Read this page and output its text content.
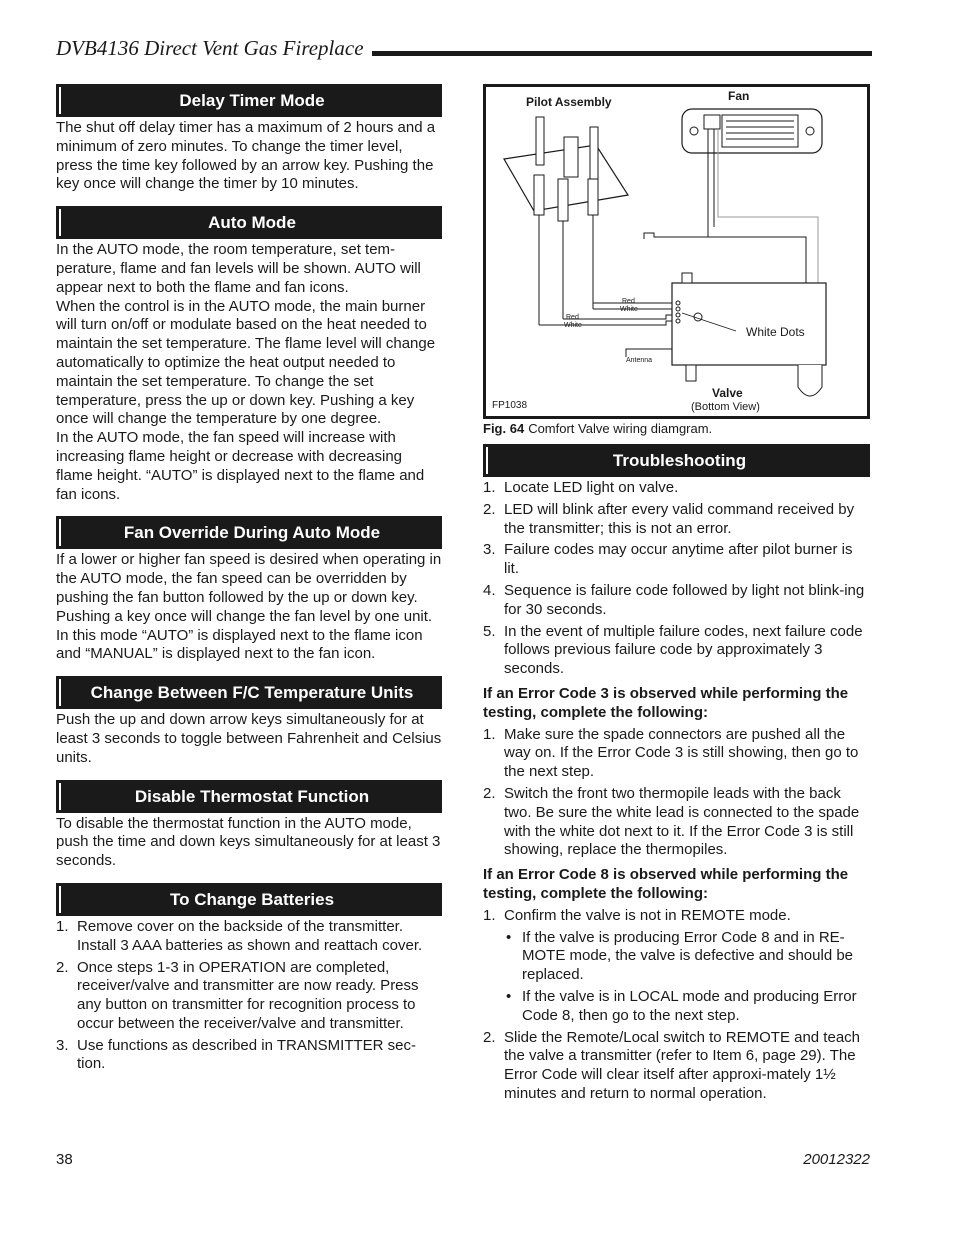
DVB4136 Direct Vent Gas Fireplace
Delay Timer Mode

The shut off delay timer has a maximum of 2 hours and a minimum of zero minutes. To change the timer level, press the time key followed by an arrow key. Pushing the key once will change the timer by 10 minutes.

Auto Mode

In the AUTO mode, the room temperature, set tem-perature, flame and fan levels will be shown. AUTO will appear next to both the flame and fan icons.

When the control is in the AUTO mode, the main burner will turn on/off or modulate based on the heat needed to maintain the set temperature. The flame level will change automatically to optimize the heat output needed to maintain the set temperature. To change the set temperature, press the up or down key. Pushing a key once will change the temperature by one degree.

In the AUTO mode, the fan speed will increase with increasing flame height or decrease with decreasing flame height. “AUTO” is displayed next to the flame and fan icons.

Fan Override During Auto Mode

If a lower or higher fan speed is desired when operating in the AUTO mode, the fan speed can be overridden by pushing the fan button followed by the up or down key. Pushing a key once will change the fan level by one unit. In this mode “AUTO” is displayed next to the flame icon and “MANUAL” is displayed next to the fan icon.

Change Between F/C Temperature Units

Push the up and down arrow keys simultaneously for at least 3 seconds to toggle between Fahrenheit and Celsius units.

Disable Thermostat Function

To disable the thermostat function in the AUTO mode, push the time and down keys simultaneously for at least 3 seconds.

To Change Batteries
1. Remove cover on the backside of the transmitter. Install 3 AAA batteries as shown and reattach cover.
2. Once steps 1-3 in OPERATION are completed, receiver/valve and transmitter are now ready. Press any button on transmitter for recognition process to occur between the receiver/valve and transmitter.
3. Use functions as described in TRANSMITTER sec-tion.
Pilot Assembly	Fan
Red
White
Red
White
Antenna
White Dots
Valve
(Bottom View)
FP1038
Fig. 64 Comfort Valve wiring diamgram.
Troubleshooting
1. Locate LED light on valve.
2. LED will blink after every valid command received by the transmitter; this is not an error.
3. Failure codes may occur anytime after pilot burner is lit.
4. Sequence is failure code followed by light not blink-ing for 30 seconds.
5. In the event of multiple failure codes, next failure code follows previous failure code by approximately 3 seconds.

If an Error Code 3 is observed while performing the testing, complete the following:

1. Make sure the spade connectors are pushed all the way on. If the Error Code 3 is still showing, then go to the next step.
2. Switch the front two thermopile leads with the back two. Be sure the white lead is connected to the spade with the white dot next to it. If the Error Code 3 is still showing, replace the thermopiles.

If an Error Code 8 is observed while performing the testing, complete the following:

1. Confirm the valve is not in REMOTE mode.
• If the valve is producing Error Code 8 and in RE-MOTE mode, the valve is defective and should be replaced.
• If the valve is in LOCAL mode and producing Error Code 8, then go to the next step.
2. Slide the Remote/Local switch to REMOTE and teach the valve a transmitter (refer to Item 6, page 29). The Error Code will clear itself after approxi-mately 1½ minutes and return to normal operation.
38	20012322
